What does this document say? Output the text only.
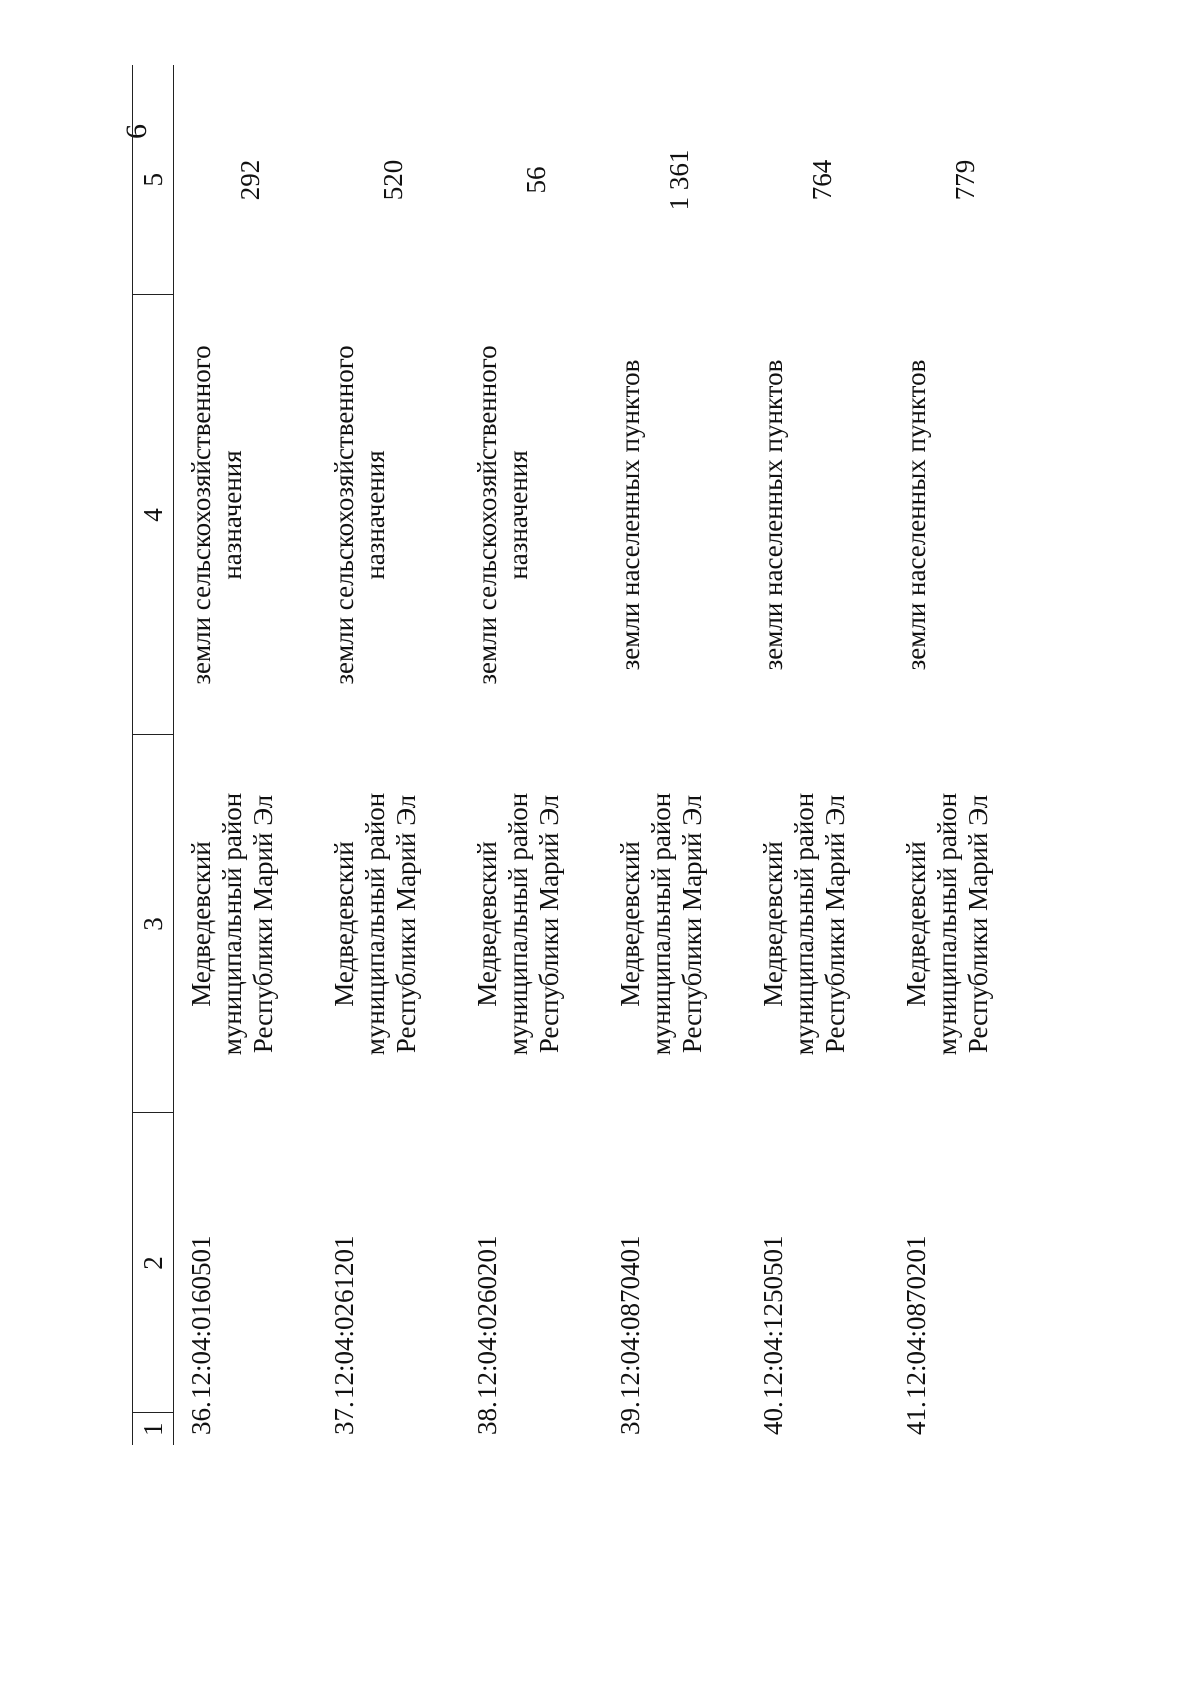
6
1	2	3	4	5
36.	12:04:0160501	Медведевский муниципальный район Республики Марий Эл	земли сельскохозяйственного назначения	292
37.	12:04:0261201	Медведевский муниципальный район Республики Марий Эл	земли сельскохозяйственного назначения	520
38.	12:04:0260201	Медведевский муниципальный район Республики Марий Эл	земли сельскохозяйственного назначения	56
39.	12:04:0870401	Медведевский муниципальный район Республики Марий Эл	земли населенных пунктов	1 361
40.	12:04:1250501	Медведевский муниципальный район Республики Марий Эл	земли населенных пунктов	764
41.	12:04:0870201	Медведевский муниципальный район Республики Марий Эл	земли населенных пунктов	779
